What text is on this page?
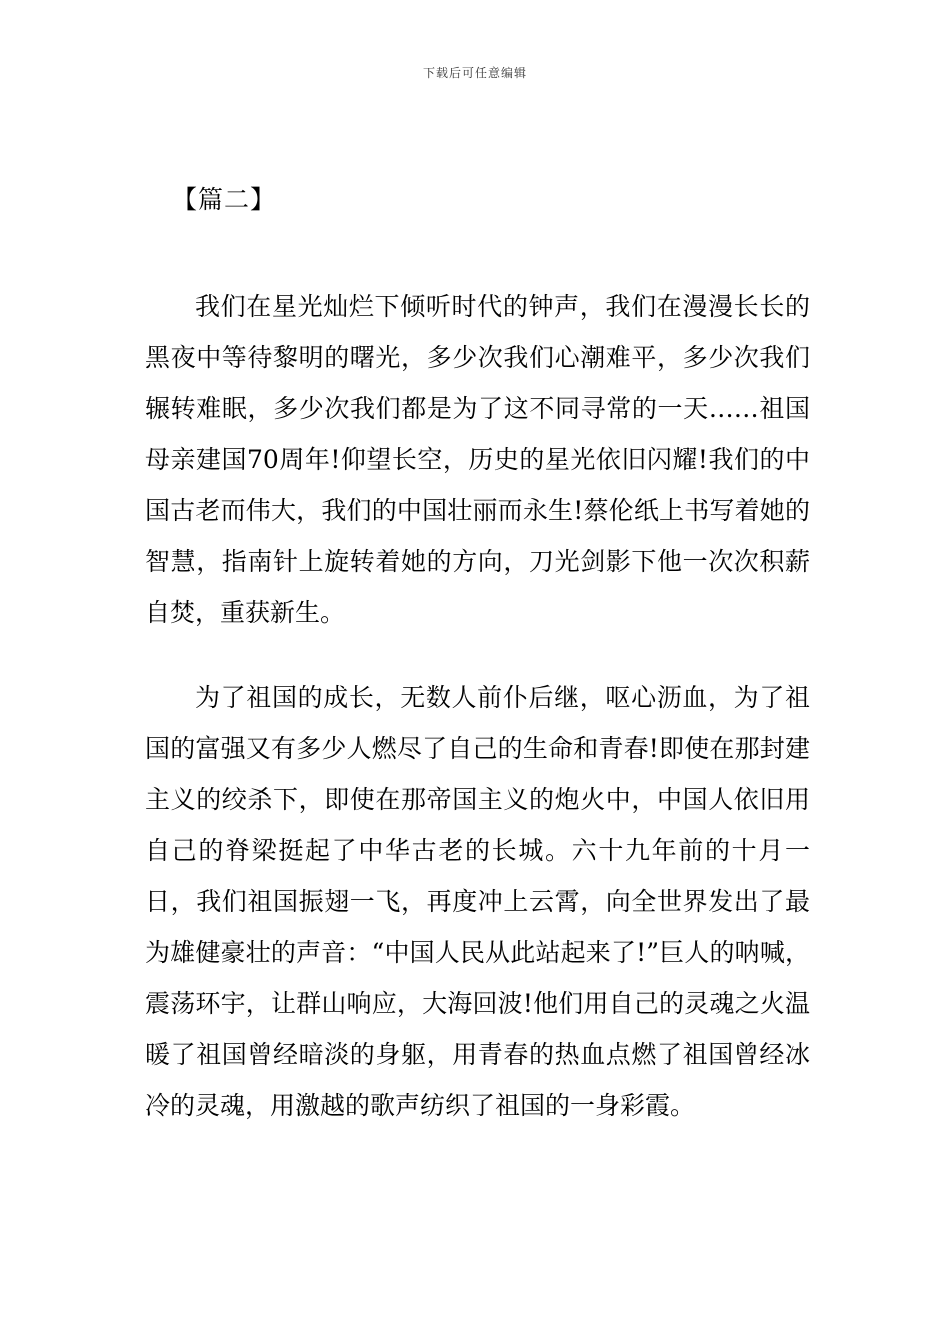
下载后可任意编辑
【篇二】

我们在星光灿烂下倾听时代的钟声，我们在漫漫长长的黑夜中等待黎明的曙光，多少次我们心潮难平，多少次我们辗转难眠，多少次我们都是为了这不同寻常的一天……祖国母亲建国70周年!仰望长空，历史的星光依旧闪耀!我们的中国古老而伟大，我们的中国壮丽而永生!蔡伦纸上书写着她的智慧，指南针上旋转着她的方向，刀光剑影下他一次次积薪自焚，重获新生。

为了祖国的成长，无数人前仆后继，呕心沥血，为了祖国的富强又有多少人燃尽了自己的生命和青春!即使在那封建主义的绞杀下，即使在那帝国主义的炮火中，中国人依旧用自己的脊梁挺起了中华古老的长城。六十九年前的十月一日，我们祖国振翅一飞，再度冲上云霄，向全世界发出了最为雄健豪壮的声音：“中国人民从此站起来了!”巨人的呐喊，震荡环宇，让群山响应，大海回波!他们用自己的灵魂之火温暖了祖国曾经暗淡的身躯，用青春的热血点燃了祖国曾经冰冷的灵魂，用激越的歌声纺织了祖国的一身彩霞。
